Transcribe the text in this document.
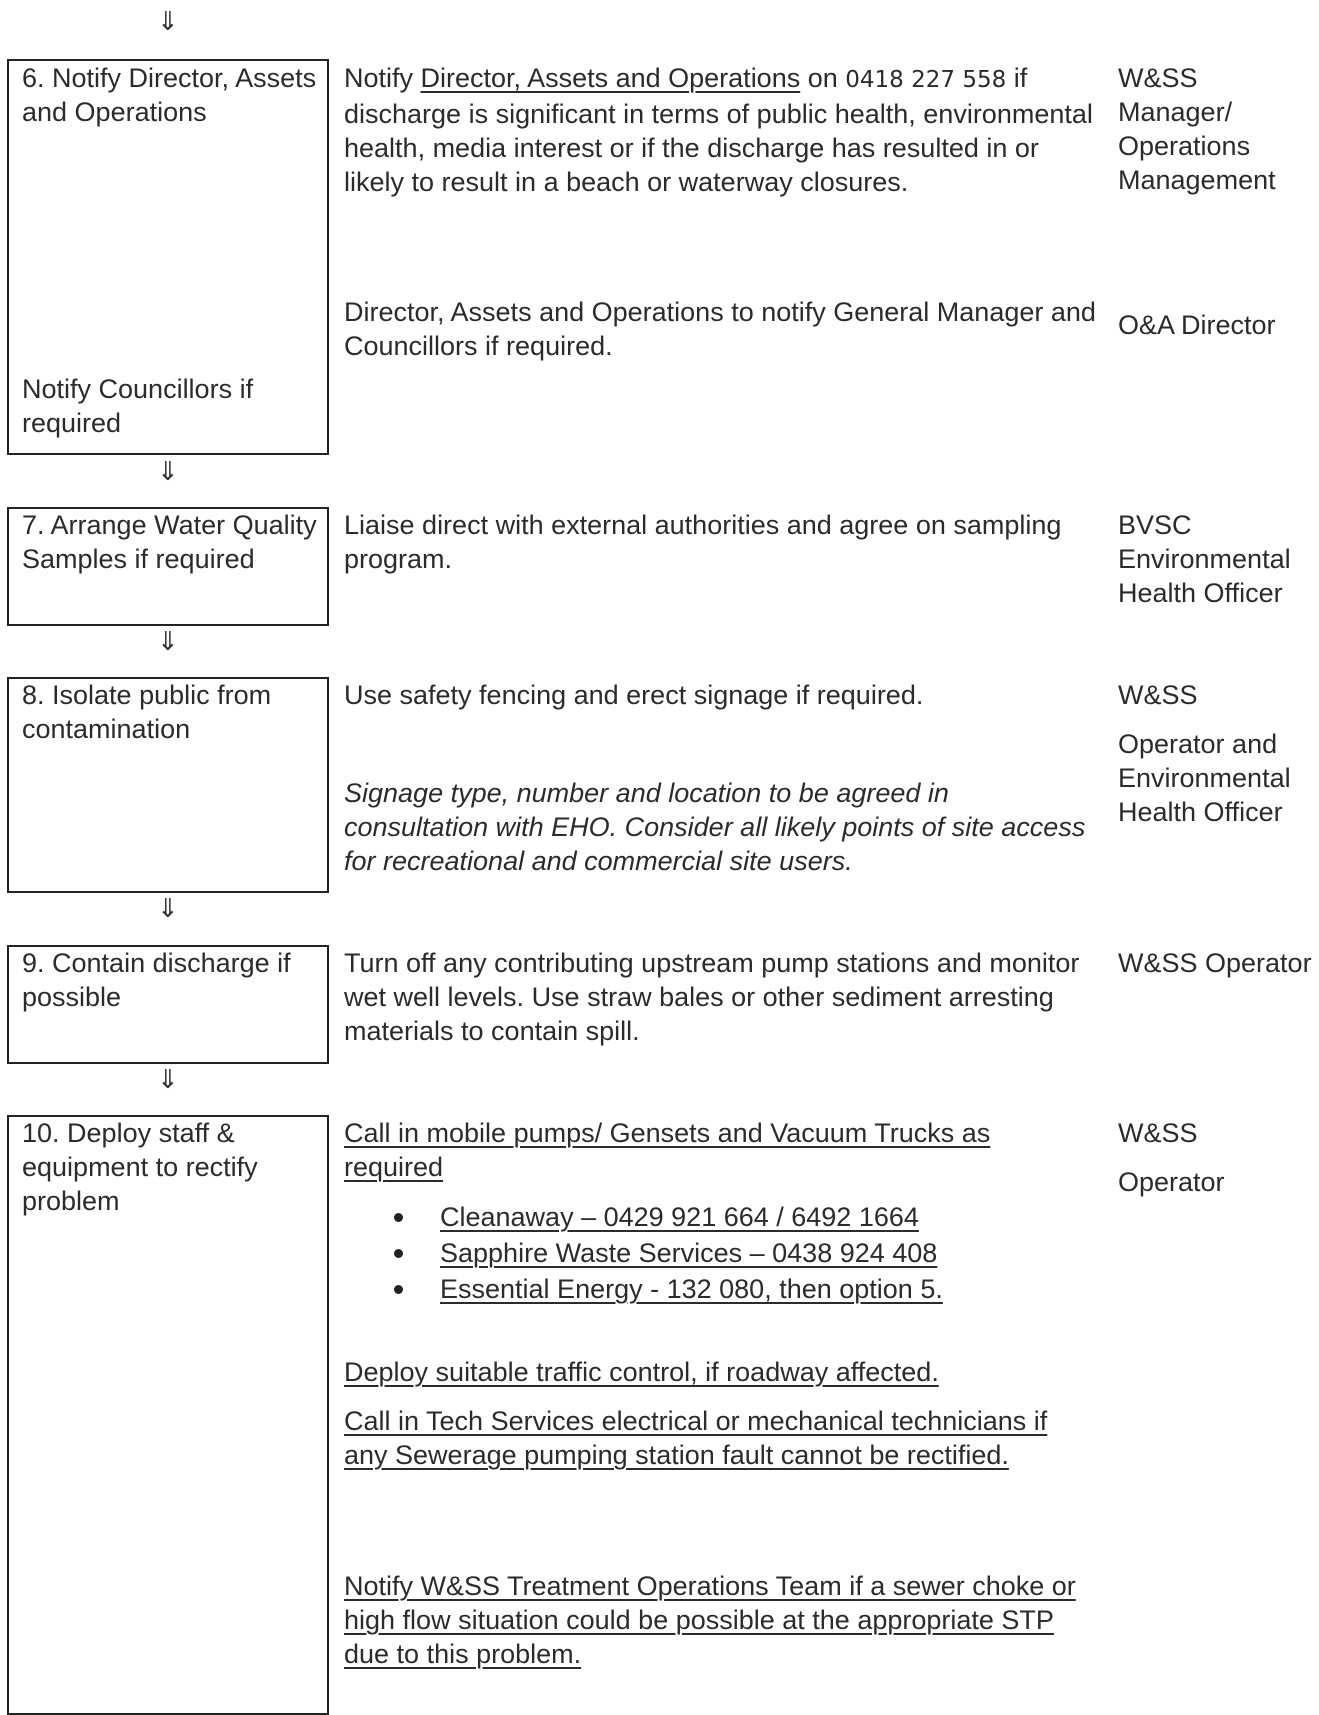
⇓
⇓
⇓
⇓
⇓
6. Notify Director, Assets and Operations
Notify Councillors if required
Notify Director, Assets and Operations on 0418 227 558 if discharge is significant in terms of public health, environmental health, media interest or if the discharge has resulted in or likely to result in a beach or waterway closures.
Director, Assets and Operations to notify General Manager and Councillors if required.
W&SS Manager/ Operations Management
O&A Director
7. Arrange Water Quality Samples if required
Liaise direct with external authorities and agree on sampling program.
BVSC Environmental Health Officer
8. Isolate public from contamination
Use safety fencing and erect signage if required.
Signage type, number and location to be agreed in consultation with EHO. Consider all likely points of site access for recreational and commercial site users.
W&SS
Operator and Environmental Health Officer
9. Contain discharge if possible
Turn off any contributing upstream pump stations and monitor wet well levels. Use straw bales or other sediment arresting materials to contain spill.
W&SS Operator
10. Deploy staff & equipment to rectify problem
Call in mobile pumps/ Gensets and Vacuum Trucks as required
Cleanaway – 0429 921 664 / 6492 1664
Sapphire Waste Services – 0438 924 408
Essential Energy - 132 080, then option 5.
Deploy suitable traffic control, if roadway affected.
Call in Tech Services electrical or mechanical technicians if any Sewerage pumping station fault cannot be rectified.
Notify W&SS Treatment Operations Team if a sewer choke or high flow situation could be possible at the appropriate STP due to this problem.
W&SS
Operator
